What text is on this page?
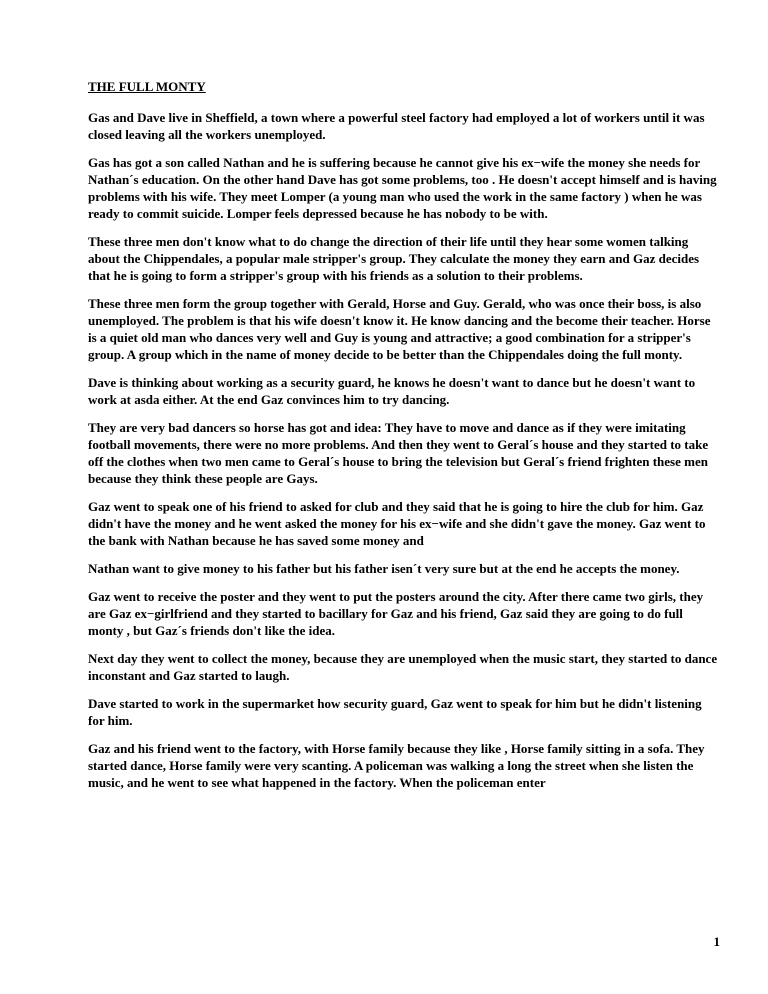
THE FULL MONTY

Gas and Dave live in Sheffield, a town where a powerful steel factory had employed a lot of workers until it was closed leaving all the workers unemployed.

Gas has got a son called Nathan and he is suffering because he cannot give his ex−wife the money she needs for Nathan´s education. On the other hand Dave has got some problems, too . He doesn't accept himself and is having problems with his wife. They meet Lomper (a young man who used the work in the same factory ) when he was ready to commit suicide. Lomper feels depressed because he has nobody to be with.

These three men don't know what to do change the direction of their life until they hear some women talking about the Chippendales, a popular male stripper's group. They calculate the money they earn and Gaz decides that he is going to form a stripper's group with his friends as a solution to their problems.

These three men form the group together with Gerald, Horse and Guy. Gerald, who was once their boss, is also unemployed. The problem is that his wife doesn't know it. He know dancing and the become their teacher. Horse is a quiet old man who dances very well and Guy is young and attractive; a good combination for a stripper's group. A group which in the name of money decide to be better than the Chippendales doing the full monty.

Dave is thinking about working as a security guard, he knows he doesn't want to dance but he doesn't want to work at asda either. At the end Gaz convinces him to try dancing.

They are very bad dancers so horse has got and idea: They have to move and dance as if they were imitating football movements, there were no more problems. And then they went to Geral´s house and they started to take off the clothes when two men came to Geral´s house to bring the television but Geral´s friend frighten these men because they think these people are Gays.

Gaz went to speak one of his friend to asked for club and they said that he is going to hire the club for him. Gaz didn't have the money and he went asked the money for his ex−wife and she didn't gave the money. Gaz went to the bank with Nathan because he has saved some money and

Nathan want to give money to his father but his father isen´t very sure but at the end he accepts the money.

Gaz went to receive the poster and they went to put the posters around the city. After there came two girls, they are Gaz ex−girlfriend and they started to bacillary for Gaz and his friend, Gaz said they are going to do full monty , but Gaz´s friends don't like the idea.

Next day they went to collect the money, because they are unemployed when the music start, they started to dance inconstant and Gaz started to laugh.

Dave started to work in the supermarket how security guard, Gaz went to speak for him but he didn't listening for him.

Gaz and his friend went to the factory, with Horse family because they like , Horse family sitting in a sofa. They started dance, Horse family were very scanting. A policeman was walking a long the street when she listen the music, and he went to see what happened in the factory. When the policeman enter

1
